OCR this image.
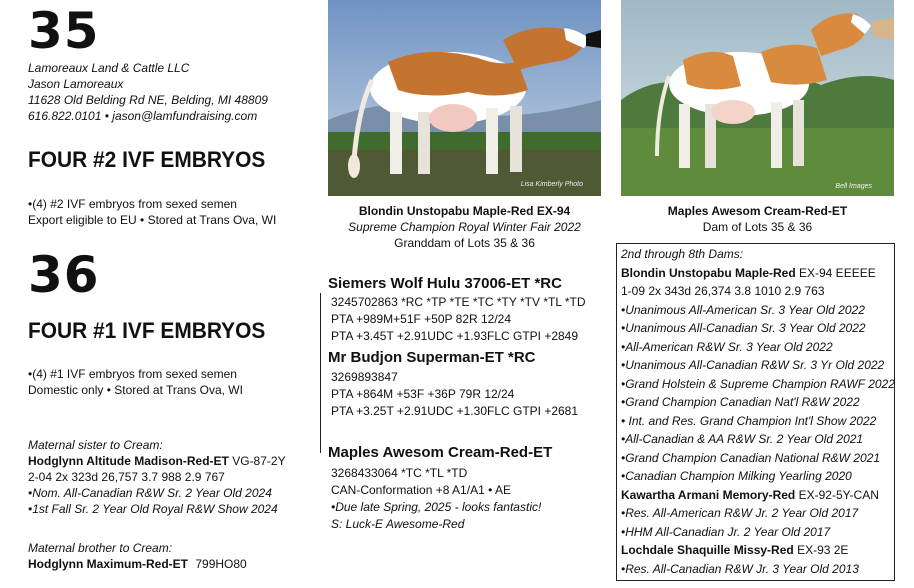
35
Lamoreaux Land & Cattle LLC
Jason Lamoreaux
11628 Old Belding Rd NE, Belding, MI 48809
616.822.0101 • jason@lamfundraising.com
FOUR #2 IVF EMBRYOS
•(4) #2 IVF embryos from sexed semen
Export eligible to EU • Stored at Trans Ova, WI
36
FOUR #1 IVF EMBRYOS
•(4) #1 IVF embryos from sexed semen
Domestic only • Stored at Trans Ova, WI
Maternal sister to Cream:
Hodglynn Altitude Madison-Red-ET VG-87-2Y
2-04 2x 323d 26,757 3.7 988 2.9 767
•Nom. All-Canadian R&W Sr. 2 Year Old 2024
•1st Fall Sr. 2 Year Old Royal R&W Show 2024
Maternal brother to Cream:
Hodglynn Maximum-Red-ET 799HO80
Lisa Kimberly Photo
Blondin Unstopabu Maple-Red EX-94
Supreme Champion Royal Winter Fair 2022
Granddam of Lots 35 & 36
Bell Images
Maples Awesom Cream-Red-ET
Dam of Lots 35 & 36
Siemers Wolf Hulu 37006-ET *RC
3245702863 *RC *TP *TE *TC *TY *TV *TL *TD
PTA +989M+51F +50P 82R 12/24
PTA +3.45T +2.91UDC +1.93FLC GTPI +2849
Mr Budjon Superman-ET *RC
3269893847
PTA +864M +53F +36P 79R 12/24
PTA +3.25T +2.91UDC +1.30FLC GTPI +2681
Maples Awesom Cream-Red-ET
3268433064 *TC *TL *TD
CAN-Conformation +8 A1/A1 • AE
•Due late Spring, 2025 - looks fantastic!
S: Luck-E Awesome-Red
2nd through 8th Dams:
Blondin Unstopabu Maple-Red EX-94 EEEEE
1-09 2x 343d 26,374 3.8 1010 2.9 763
•Unanimous All-American Sr. 3 Year Old 2022
•Unanimous All-Canadian Sr. 3 Year Old 2022
•All-American R&W Sr. 3 Year Old 2022
•Unanimous All-Canadian R&W Sr. 3 Yr Old 2022
•Grand Holstein & Supreme Champion RAWF 2022
•Grand Champion Canadian Nat'l R&W 2022
• Int. and Res. Grand Champion Int'l Show 2022
•All-Canadian & AA R&W Sr. 2 Year Old 2021
•Grand Champion Canadian National R&W 2021
•Canadian Champion Milking Yearling 2020
Kawartha Armani Memory-Red EX-92-5Y-CAN
•Res. All-American R&W Jr. 2 Year Old 2017
•HHM All-Canadian Jr. 2 Year Old 2017
Lochdale Shaquille Missy-Red EX-93 2E
•Res. All-Canadian R&W Jr. 3 Year Old 2013
